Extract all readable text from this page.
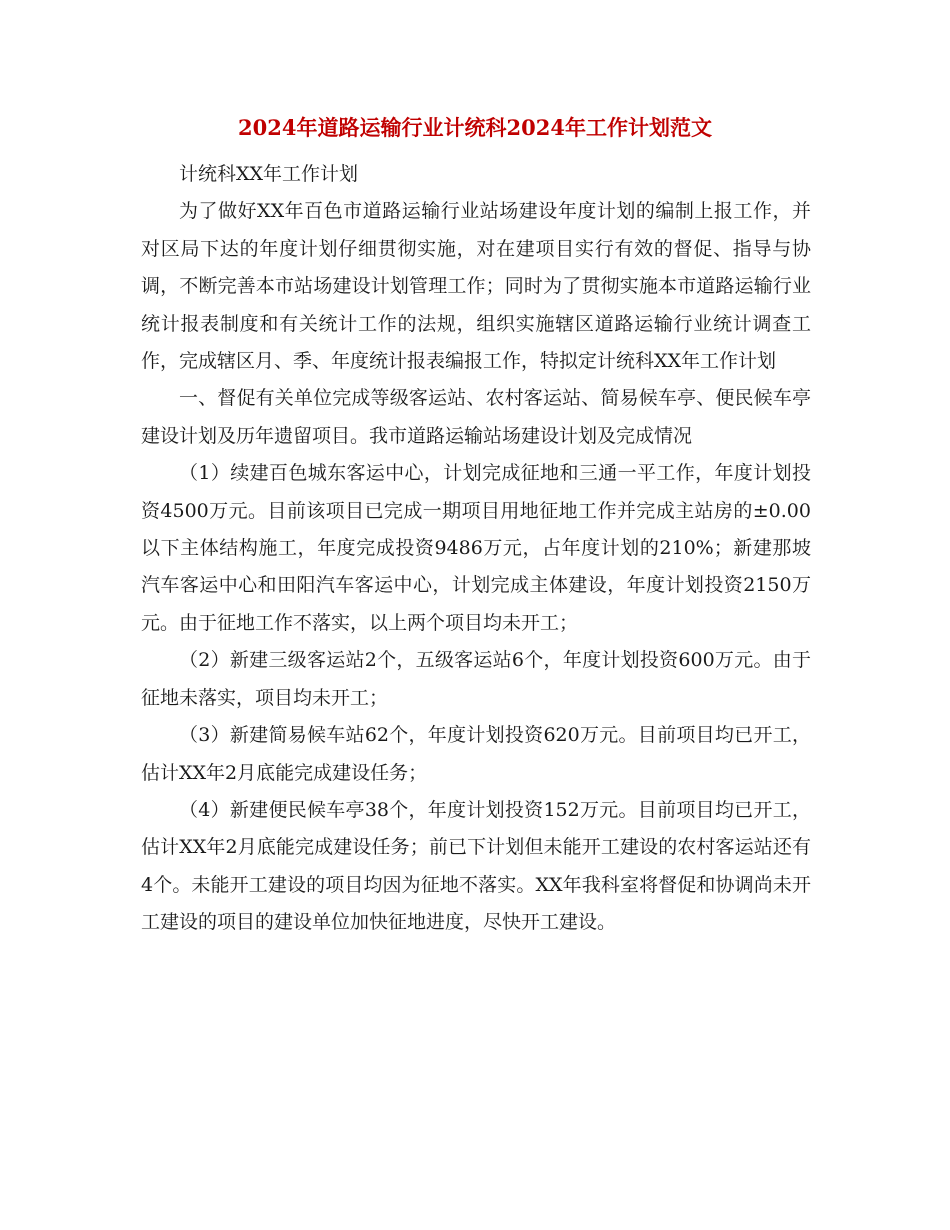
2024年道路运输行业计统科2024年工作计划范文

计统科XX年工作计划

为了做好XX年百色市道路运输行业站场建设年度计划的编制上报工作，并对区局下达的年度计划仔细贯彻实施，对在建项目实行有效的督促、指导与协调，不断完善本市站场建设计划管理工作；同时为了贯彻实施本市道路运输行业统计报表制度和有关统计工作的法规，组织实施辖区道路运输行业统计调查工作，完成辖区月、季、年度统计报表编报工作，特拟定计统科XX年工作计划

一、督促有关单位完成等级客运站、农村客运站、简易候车亭、便民候车亭建设计划及历年遗留项目。我市道路运输站场建设计划及完成情况

（1）续建百色城东客运中心，计划完成征地和三通一平工作，年度计划投资4500万元。目前该项目已完成一期项目用地征地工作并完成主站房的±0.00以下主体结构施工，年度完成投资9486万元，占年度计划的210%；新建那坡汽车客运中心和田阳汽车客运中心，计划完成主体建设，年度计划投资2150万元。由于征地工作不落实，以上两个项目均未开工；

（2）新建三级客运站2个，五级客运站6个，年度计划投资600万元。由于征地未落实，项目均未开工；

（3）新建简易候车站62个，年度计划投资620万元。目前项目均已开工，估计XX年2月底能完成建设任务；

（4）新建便民候车亭38个，年度计划投资152万元。目前项目均已开工，估计XX年2月底能完成建设任务；前已下计划但未能开工建设的农村客运站还有4个。未能开工建设的项目均因为征地不落实。XX年我科室将督促和协调尚未开工建设的项目的建设单位加快征地进度，尽快开工建设。
